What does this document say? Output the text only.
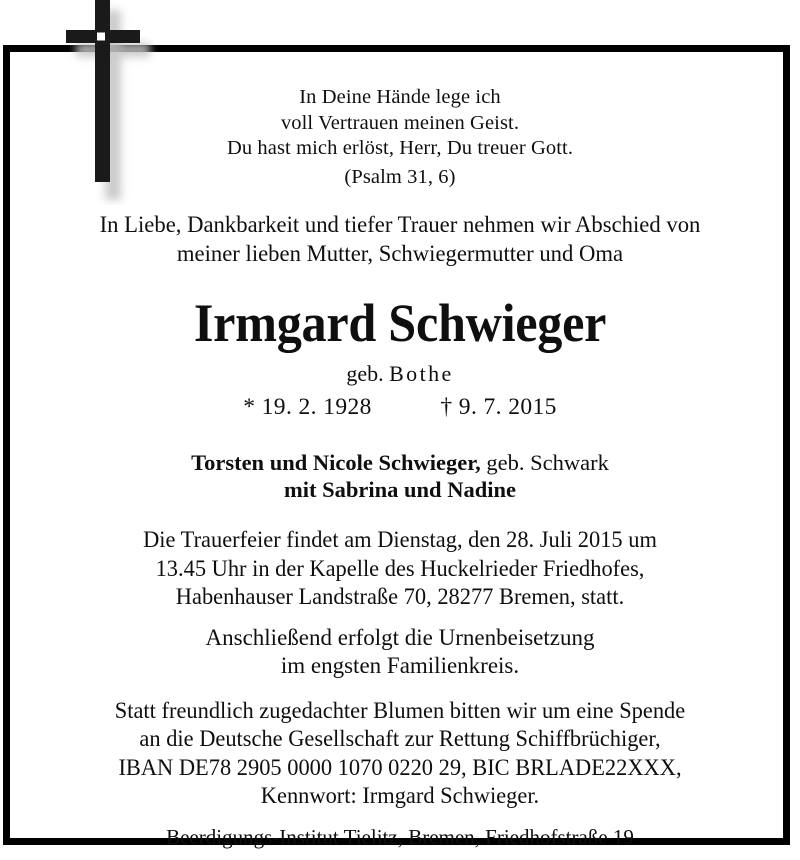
In Deine Hände lege ich
voll Vertrauen meinen Geist.
Du hast mich erlöst, Herr, Du treuer Gott.
(Psalm 31, 6)
In Liebe, Dankbarkeit und tiefer Trauer nehmen wir Abschied von
meiner lieben Mutter, Schwiegermutter und Oma
Irmgard Schwieger
geb. Bothe
* 19. 2. 1928	† 9. 7. 2015
Torsten und Nicole Schwieger, geb. Schwark
mit Sabrina und Nadine
Die Trauerfeier findet am Dienstag, den 28. Juli 2015 um
13.45 Uhr in der Kapelle des Huckelrieder Friedhofes,
Habenhauser Landstraße 70, 28277 Bremen, statt.
Anschließend erfolgt die Urnenbeisetzung
im engsten Familienkreis.
Statt freundlich zugedachter Blumen bitten wir um eine Spende
an die Deutsche Gesellschaft zur Rettung Schiffbrüchiger,
IBAN DE78 2905 0000 1070 0220 29, BIC BRLADE22XXX,
Kennwort: Irmgard Schwieger.
Beerdigungs-Institut Tielitz, Bremen, Friedhofstraße 19
